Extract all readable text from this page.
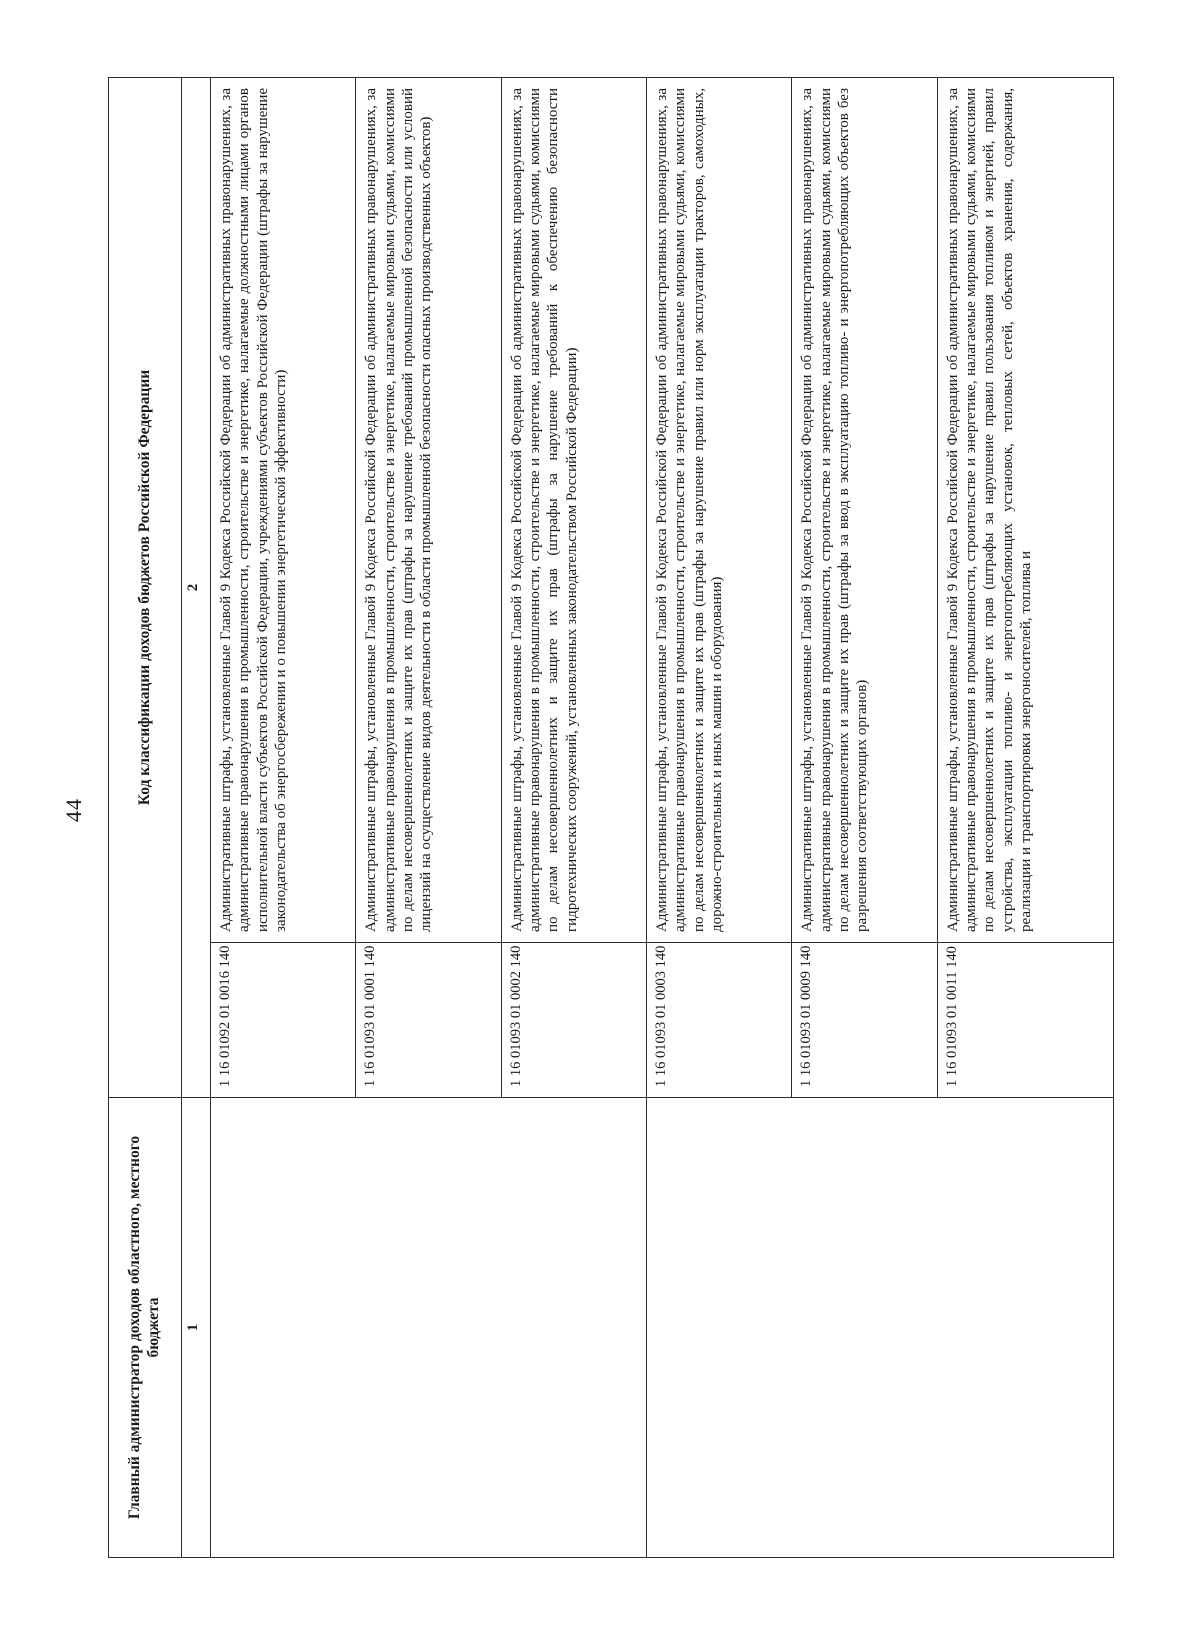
44
Главный администратор доходов областного, местного бюджета	Код классификации доходов бюджетов Российской Федерации	
1	2	
	1 16 01092 01 0016 140	Административные штрафы, установленные Главой 9 Кодекса Российской Федерации об административных правонарушениях, за административные правонарушения в промышленности, строительстве и энергетике, налагаемые должностными лицами органов исполнительной власти субъектов Российской Федерации, учреждениями субъектов Российской Федерации (штрафы за нарушение законодательства об энергосбережении и о повышении энергетической эффективности)
	1 16 01093 01 0001 140	Административные штрафы, установленные Главой 9 Кодекса Российской Федерации об административных правонарушениях, за административные правонарушения в промышленности, строительстве и энергетике, налагаемые мировыми судьями, комиссиями по делам несовершеннолетних и защите их прав (штрафы за нарушение требований промышленной безопасности или условий лицензий на осуществление видов деятельности в области промышленной безопасности опасных производственных объектов)
	1 16 01093 01 0002 140	Административные штрафы, установленные Главой 9 Кодекса Российской Федерации об административных правонарушениях, за административные правонарушения в промышленности, строительстве и энергетике, налагаемые мировыми судьями, комиссиями по делам несовершеннолетних и защите их прав (штрафы за нарушение требований к обеспечению безопасности гидротехнических сооружений, установленных законодательством Российской Федерации)
	1 16 01093 01 0003 140	Административные штрафы, установленные Главой 9 Кодекса Российской Федерации об административных правонарушениях, за административные правонарушения в промышленности, строительстве и энергетике, налагаемые мировыми судьями, комиссиями по делам несовершеннолетних и защите их прав (штрафы за нарушение правил или норм эксплуатации тракторов, самоходных, дорожно-строительных и иных машин и оборудования)
	1 16 01093 01 0009 140	Административные штрафы, установленные Главой 9 Кодекса Российской Федерации об административных правонарушениях, за административные правонарушения в промышленности, строительстве и энергетике, налагаемые мировыми судьями, комиссиями по делам несовершеннолетних и защите их прав (штрафы за ввод в эксплуатацию топливо- и энергопотребляющих объектов без разрешения соответствующих органов)
	1 16 01093 01 0011 140	Административные штрафы, установленные Главой 9 Кодекса Российской Федерации об административных правонарушениях, за административные правонарушения в промышленности, строительстве и энергетике, налагаемые мировыми судьями, комиссиями по делам несовершеннолетних и защите их прав (штрафы за нарушение правил пользования топливом и энергией, правил устройства, эксплуатации топливо- и энергопотребляющих установок, тепловых сетей, объектов хранения, содержания, реализации и транспортировки энергоносителей, топлива и
